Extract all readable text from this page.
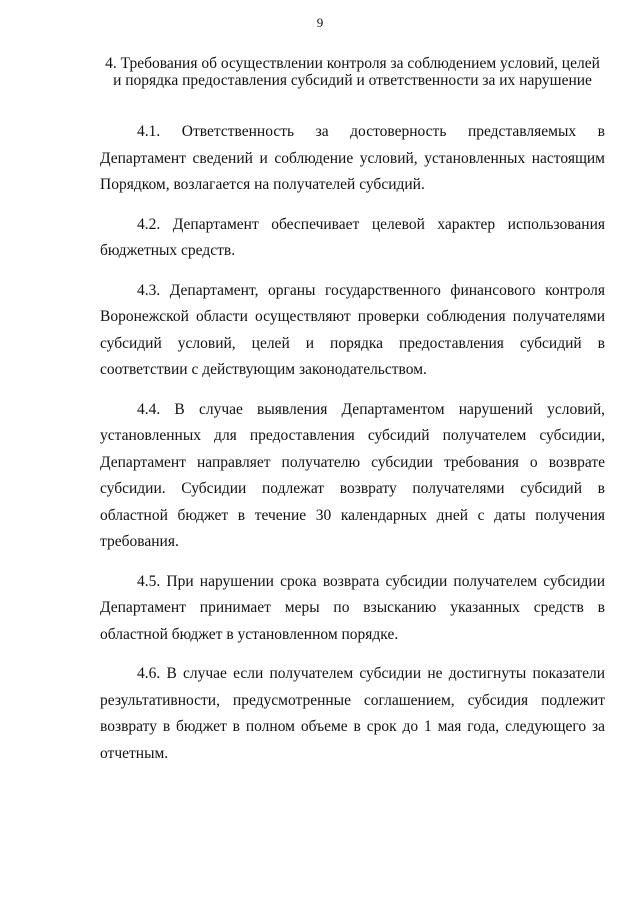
9
4. Требования об осуществлении контроля за соблюдением условий, целей и порядка предоставления субсидий и ответственности за их нарушение

4.1. Ответственность за достоверность представляемых в Департамент сведений и соблюдение условий, установленных настоящим Порядком, возлагается на получателей субсидий.

4.2. Департамент обеспечивает целевой характер использования бюджетных средств.

4.3. Департамент, органы государственного финансового контроля Воронежской области осуществляют проверки соблюдения получателями субсидий условий, целей и порядка предоставления субсидий в соответствии с действующим законодательством.

4.4. В случае выявления Департаментом нарушений условий, установленных для предоставления субсидий получателем субсидии, Департамент направляет получателю субсидии требования о возврате субсидии. Субсидии подлежат возврату получателями субсидий в областной бюджет в течение 30 календарных дней с даты получения требования.

4.5. При нарушении срока возврата субсидии получателем субсидии Департамент принимает меры по взысканию указанных средств в областной бюджет в установленном порядке.

4.6. В случае если получателем субсидии не достигнуты показатели результативности, предусмотренные соглашением, субсидия подлежит возврату в бюджет в полном объеме в срок до 1 мая года, следующего за отчетным.
